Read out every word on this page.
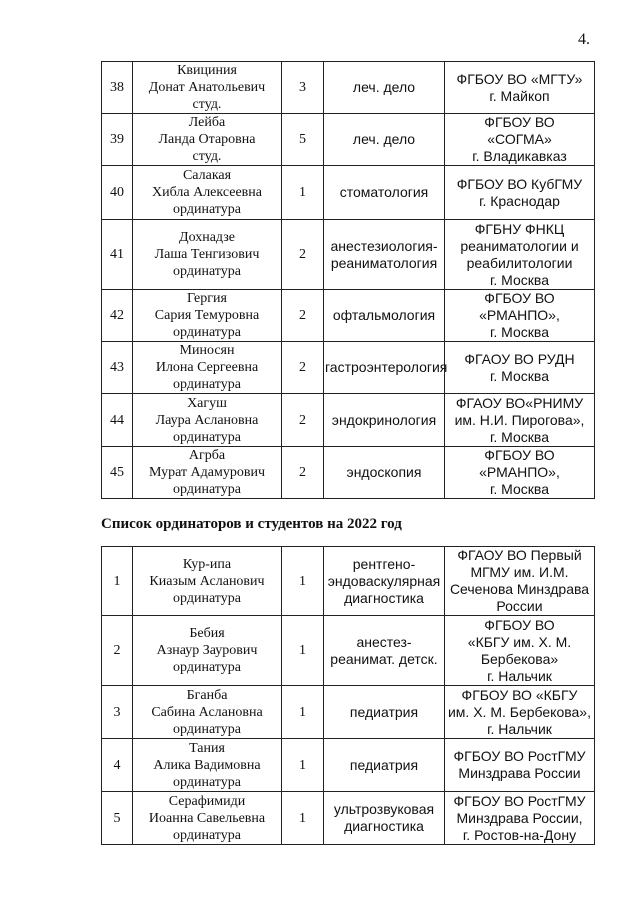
4.
38	Квициния
Донат Анатольевич
студ.	3	леч. дело	ФГБОУ ВО «МГТУ»
г. Майкоп

39	Лейба
Ланда Отаровна
студ.	5	леч. дело	ФГБОУ ВО
«СОГМА»
г. Владикавказ

40	Салакая
Хибла Алексеевна
ординатура	1	стоматология	ФГБОУ ВО КубГМУ
г. Краснодар

41	Дохнадзе
Лаша Тенгизович
ординатура	2	анестезиология-
реаниматология	ФГБНУ ФНКЦ
реаниматологии и
реабилитологии
г. Москва

42	Гергия
Сария Темуровна
ординатура	2	офтальмология	ФГБОУ ВО
«РМАНПО»,
г. Москва

43	Миносян
Илона Сергеевна
ординатура	2	гастроэнтерология	ФГАОУ ВО РУДН
г. Москва

44	Хагуш
Лаура Аслановна
ординатура	2	эндокринология	ФГАОУ ВО«РНИМУ
им. Н.И. Пирогова»,
г. Москва

45	Агрба
Мурат Адамурович
ординатура	2	эндоскопия	ФГБОУ ВО
«РМАНПО»,
г. Москва
Список ординаторов и студентов на 2022 год
1	Кур-ипа
Киазым Асланович
ординатура	1	рентгено-
эндоваскулярная
диагностика	ФГАОУ ВО Первый
МГМУ им. И.М.
Сеченова Минздрава
России

2	Бебия
Азнаур Заурович
ординатура	1	анестез-
реанимат. детск.	ФГБОУ ВО
«КБГУ им. Х. М.
Бербекова»
г. Нальчик

3	Бганба
Сабина Аслановна
ординатура	1	педиатрия	ФГБОУ ВО «КБГУ
им. Х. М. Бербекова»,
г. Нальчик

4	Тания
Алика Вадимовна
ординатура	1	педиатрия	ФГБОУ ВО РостГМУ
Минздрава России

5	Серафимиди
Иоанна Савельевна
ординатура	1	ультрозвуковая
диагностика	ФГБОУ ВО РостГМУ
Минздрава России,
г. Ростов-на-Дону
